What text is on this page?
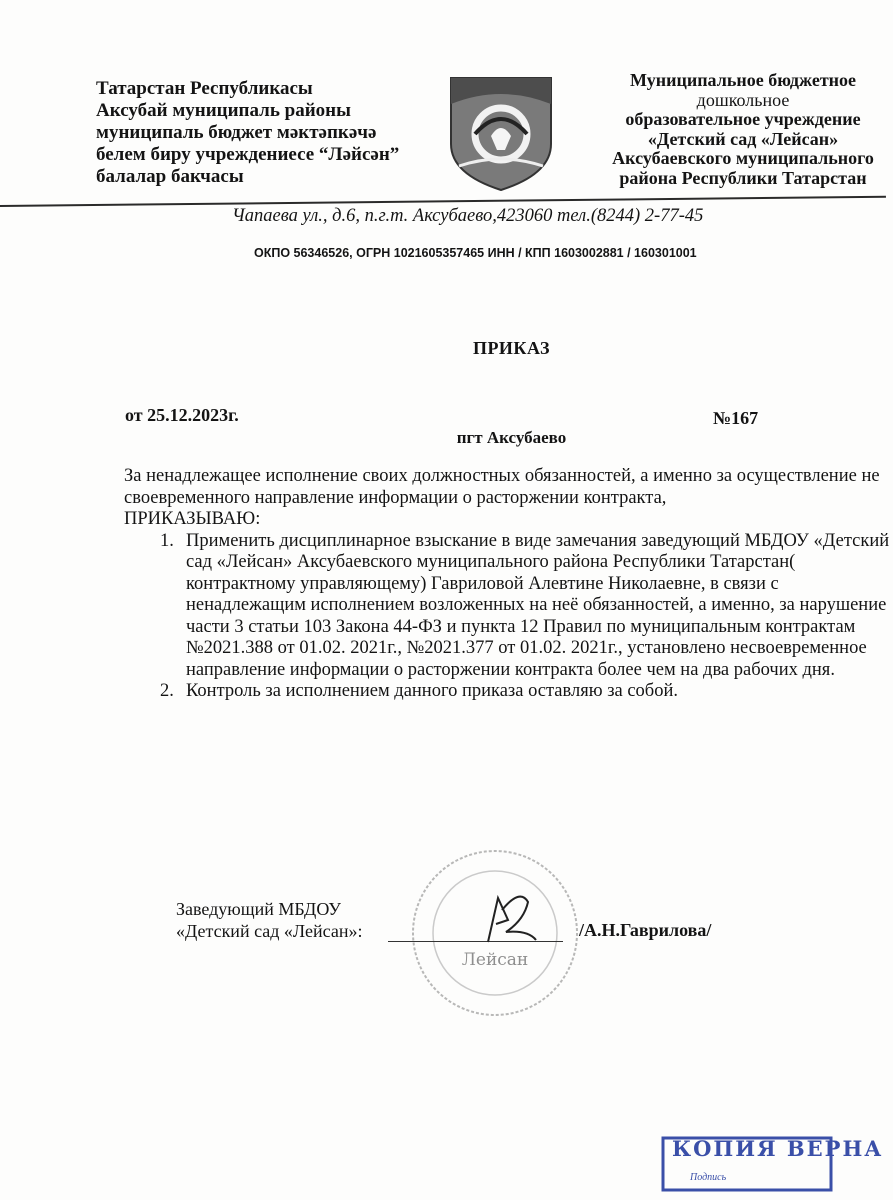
Татарстан Республикасы
Аксубай муниципаль районы
муниципаль бюджет мәктәпкәчә
белем биру учреждениесе “Ләйсән”
балалар бакчасы
Муниципальное бюджетное
дошкольное
образовательное учреждение
«Детский сад «Лейсан»
Аксубаевского муниципального
района Республики Татарстан
Чапаева ул., д.6, п.г.т. Аксубаево,423060 тел.(8244) 2-77-45
ОКПО 56346526, ОГРН 1021605357465 ИНН / КПП 1603002881 / 160301001
ПРИКАЗ
от 25.12.2023г.	№167
пгт Аксубаево

За ненадлежащее исполнение своих должностных обязанностей, а именно за осуществление не своевременного направление информации о расторжении контракта,

ПРИКАЗЫВАЮ:

1. Применить дисциплинарное взыскание в виде замечания заведующий МБДОУ «Детский сад «Лейсан» Аксубаевского муниципального района Республики Татарстан( контрактному управляющему) Гавриловой Алевтине Николаевне, в связи с ненадлежащим исполнением возложенных на неё обязанностей, а именно, за нарушение части 3 статьи 103 Закона 44-ФЗ и пункта 12 Правил по муниципальным контрактам №2021.388 от 01.02. 2021г., №2021.377 от 01.02. 2021г., установлено несвоевременное направление информации о расторжении контракта более чем на два рабочих дня.
2. Контроль за исполнением данного приказа оставляю за собой.
Заведующий МБДОУ
«Детский сад «Лейсан»:
Лейсан
/А.Н.Гаврилова/
КОПИЯ ВЕРНА
Подпись
